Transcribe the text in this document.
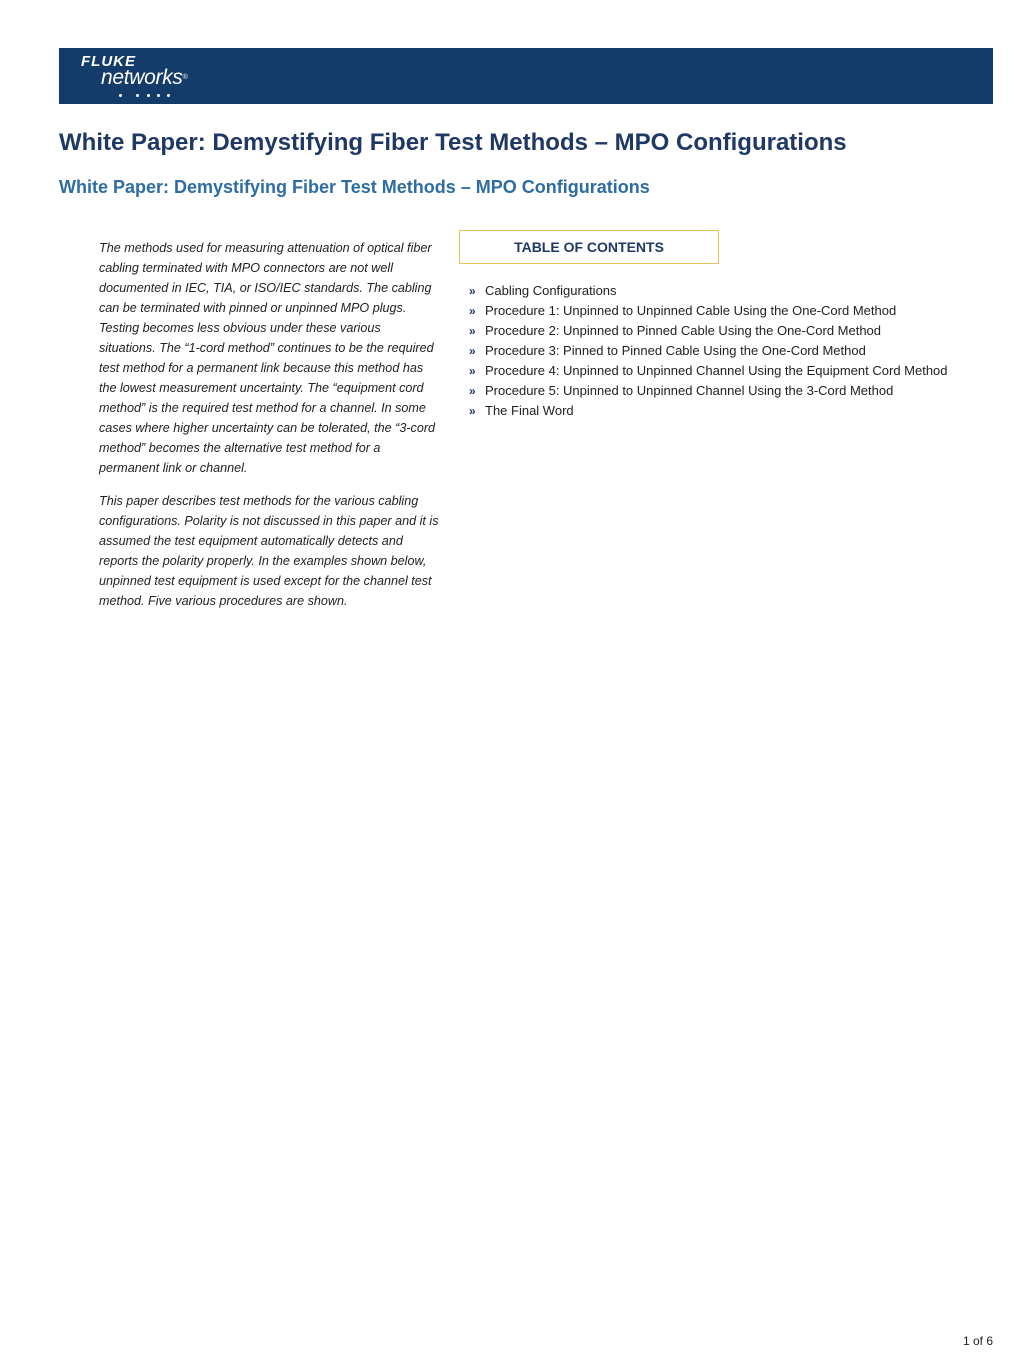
FLUKE
networks®
White Paper: Demystifying Fiber Test Methods – MPO Configurations
White Paper: Demystifying Fiber Test Methods – MPO Configurations

The methods used for measuring attenuation of optical fiber cabling terminated with MPO connectors are not well documented in IEC, TIA, or ISO/IEC standards. The cabling can be terminated with pinned or unpinned MPO plugs. Testing becomes less obvious under these various situations. The “1-cord method” continues to be the required test method for a permanent link because this method has the lowest measurement uncertainty. The “equipment cord method” is the required test method for a channel. In some cases where higher uncertainty can be tolerated, the “3-cord method” becomes the alternative test method for a permanent link or channel.

This paper describes test methods for the various cabling configurations. Polarity is not discussed in this paper and it is assumed the test equipment automatically detects and reports the polarity properly. In the examples shown below, unpinned test equipment is used except for the channel test method. Five various procedures are shown.

TABLE OF CONTENTS
» Cabling Configurations
» Procedure 1: Unpinned to Unpinned Cable Using the One-Cord Method
» Procedure 2: Unpinned to Pinned Cable Using the One-Cord Method
» Procedure 3: Pinned to Pinned Cable Using the One-Cord Method
» Procedure 4: Unpinned to Unpinned Channel Using the Equipment Cord Method
» Procedure 5: Unpinned to Unpinned Channel Using the 3-Cord Method
» The Final Word
1 of 6
